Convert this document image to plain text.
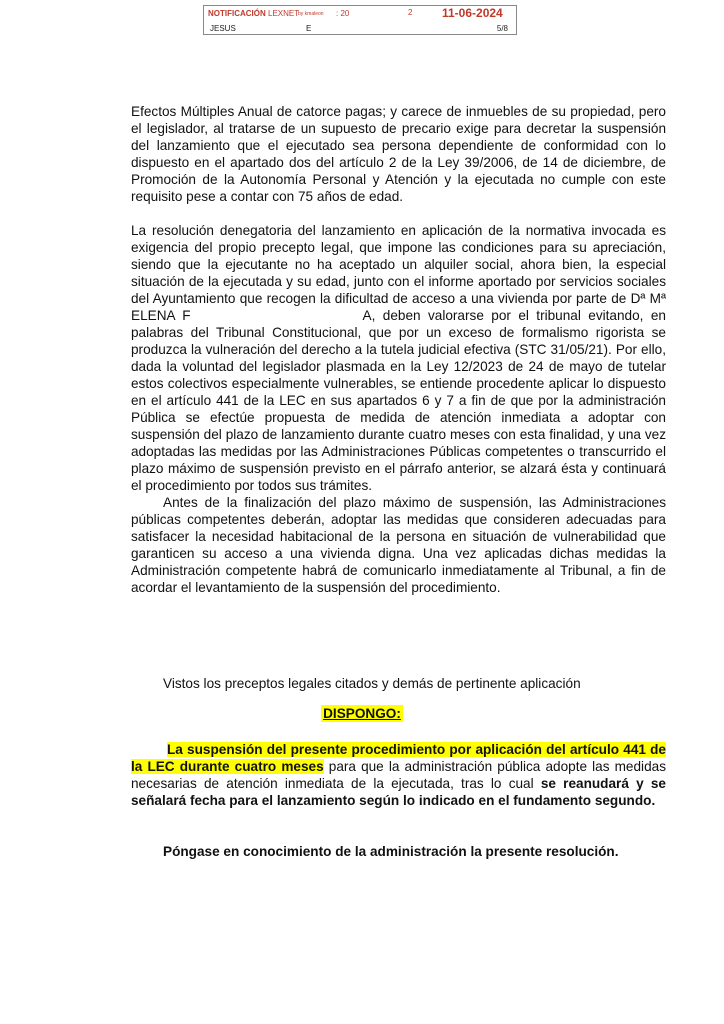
NOTIFICACIÓN LEXNET
by kmaleon : 20	2 11-06-2024
JESUS	E	5/8

Efectos Múltiples Anual de catorce pagas; y carece de inmuebles de su propiedad, pero el legislador, al tratarse de un supuesto de precario exige para decretar la suspensión del lanzamiento que el ejecutado sea persona dependiente de conformidad con lo dispuesto en el apartado dos del artículo 2 de la Ley 39/2006, de 14 de diciembre, de Promoción de la Autonomía Personal y Atención y la ejecutada no cumple con este requisito pese a contar con 75 años de edad.

La resolución denegatoria del lanzamiento en aplicación de la normativa invocada es exigencia del propio precepto legal, que impone las condiciones para su apreciación, siendo que la ejecutante no ha aceptado un alquiler social, ahora bien, la especial situación de la ejecutada y su edad, junto con el informe aportado por servicios sociales del Ayuntamiento que recogen la dificultad de acceso a una vivienda por parte de Dª Mª ELENA F	A, deben valorarse por el tribunal evitando, en palabras del Tribunal Constitucional, que por un exceso de formalismo rigorista se produzca la vulneración del derecho a la tutela judicial efectiva (STC 31/05/21). Por ello, dada la voluntad del legislador plasmada en la Ley 12/2023 de 24 de mayo de tutelar estos colectivos especialmente vulnerables, se entiende procedente aplicar lo dispuesto en el artículo 441 de la LEC en sus apartados 6 y 7 a fin de que por la administración Pública se efectúe propuesta de medida de atención inmediata a adoptar con suspensión del plazo de lanzamiento durante cuatro meses con esta finalidad, y una vez adoptadas las medidas por las Administraciones Públicas competentes o transcurrido el plazo máximo de suspensión previsto en el párrafo anterior, se alzará ésta y continuará el procedimiento por todos sus trámites.

Antes de la finalización del plazo máximo de suspensión, las Administraciones públicas competentes deberán, adoptar las medidas que consideren adecuadas para satisfacer la necesidad habitacional de la persona en situación de vulnerabilidad que garanticen su acceso a una vivienda digna. Una vez aplicadas dichas medidas la Administración competente habrá de comunicarlo inmediatamente al Tribunal, a fin de acordar el levantamiento de la suspensión del procedimiento.

Vistos los preceptos legales citados y demás de pertinente aplicación
DISPONGO:
La suspensión del presente procedimiento por aplicación del artículo 441 de la LEC durante cuatro meses para que la administración pública adopte las medidas necesarias de atención inmediata de la ejecutada, tras lo cual se reanudará y se señalará fecha para el lanzamiento según lo indicado en el fundamento segundo.
Póngase en conocimiento de la administración la presente resolución.
